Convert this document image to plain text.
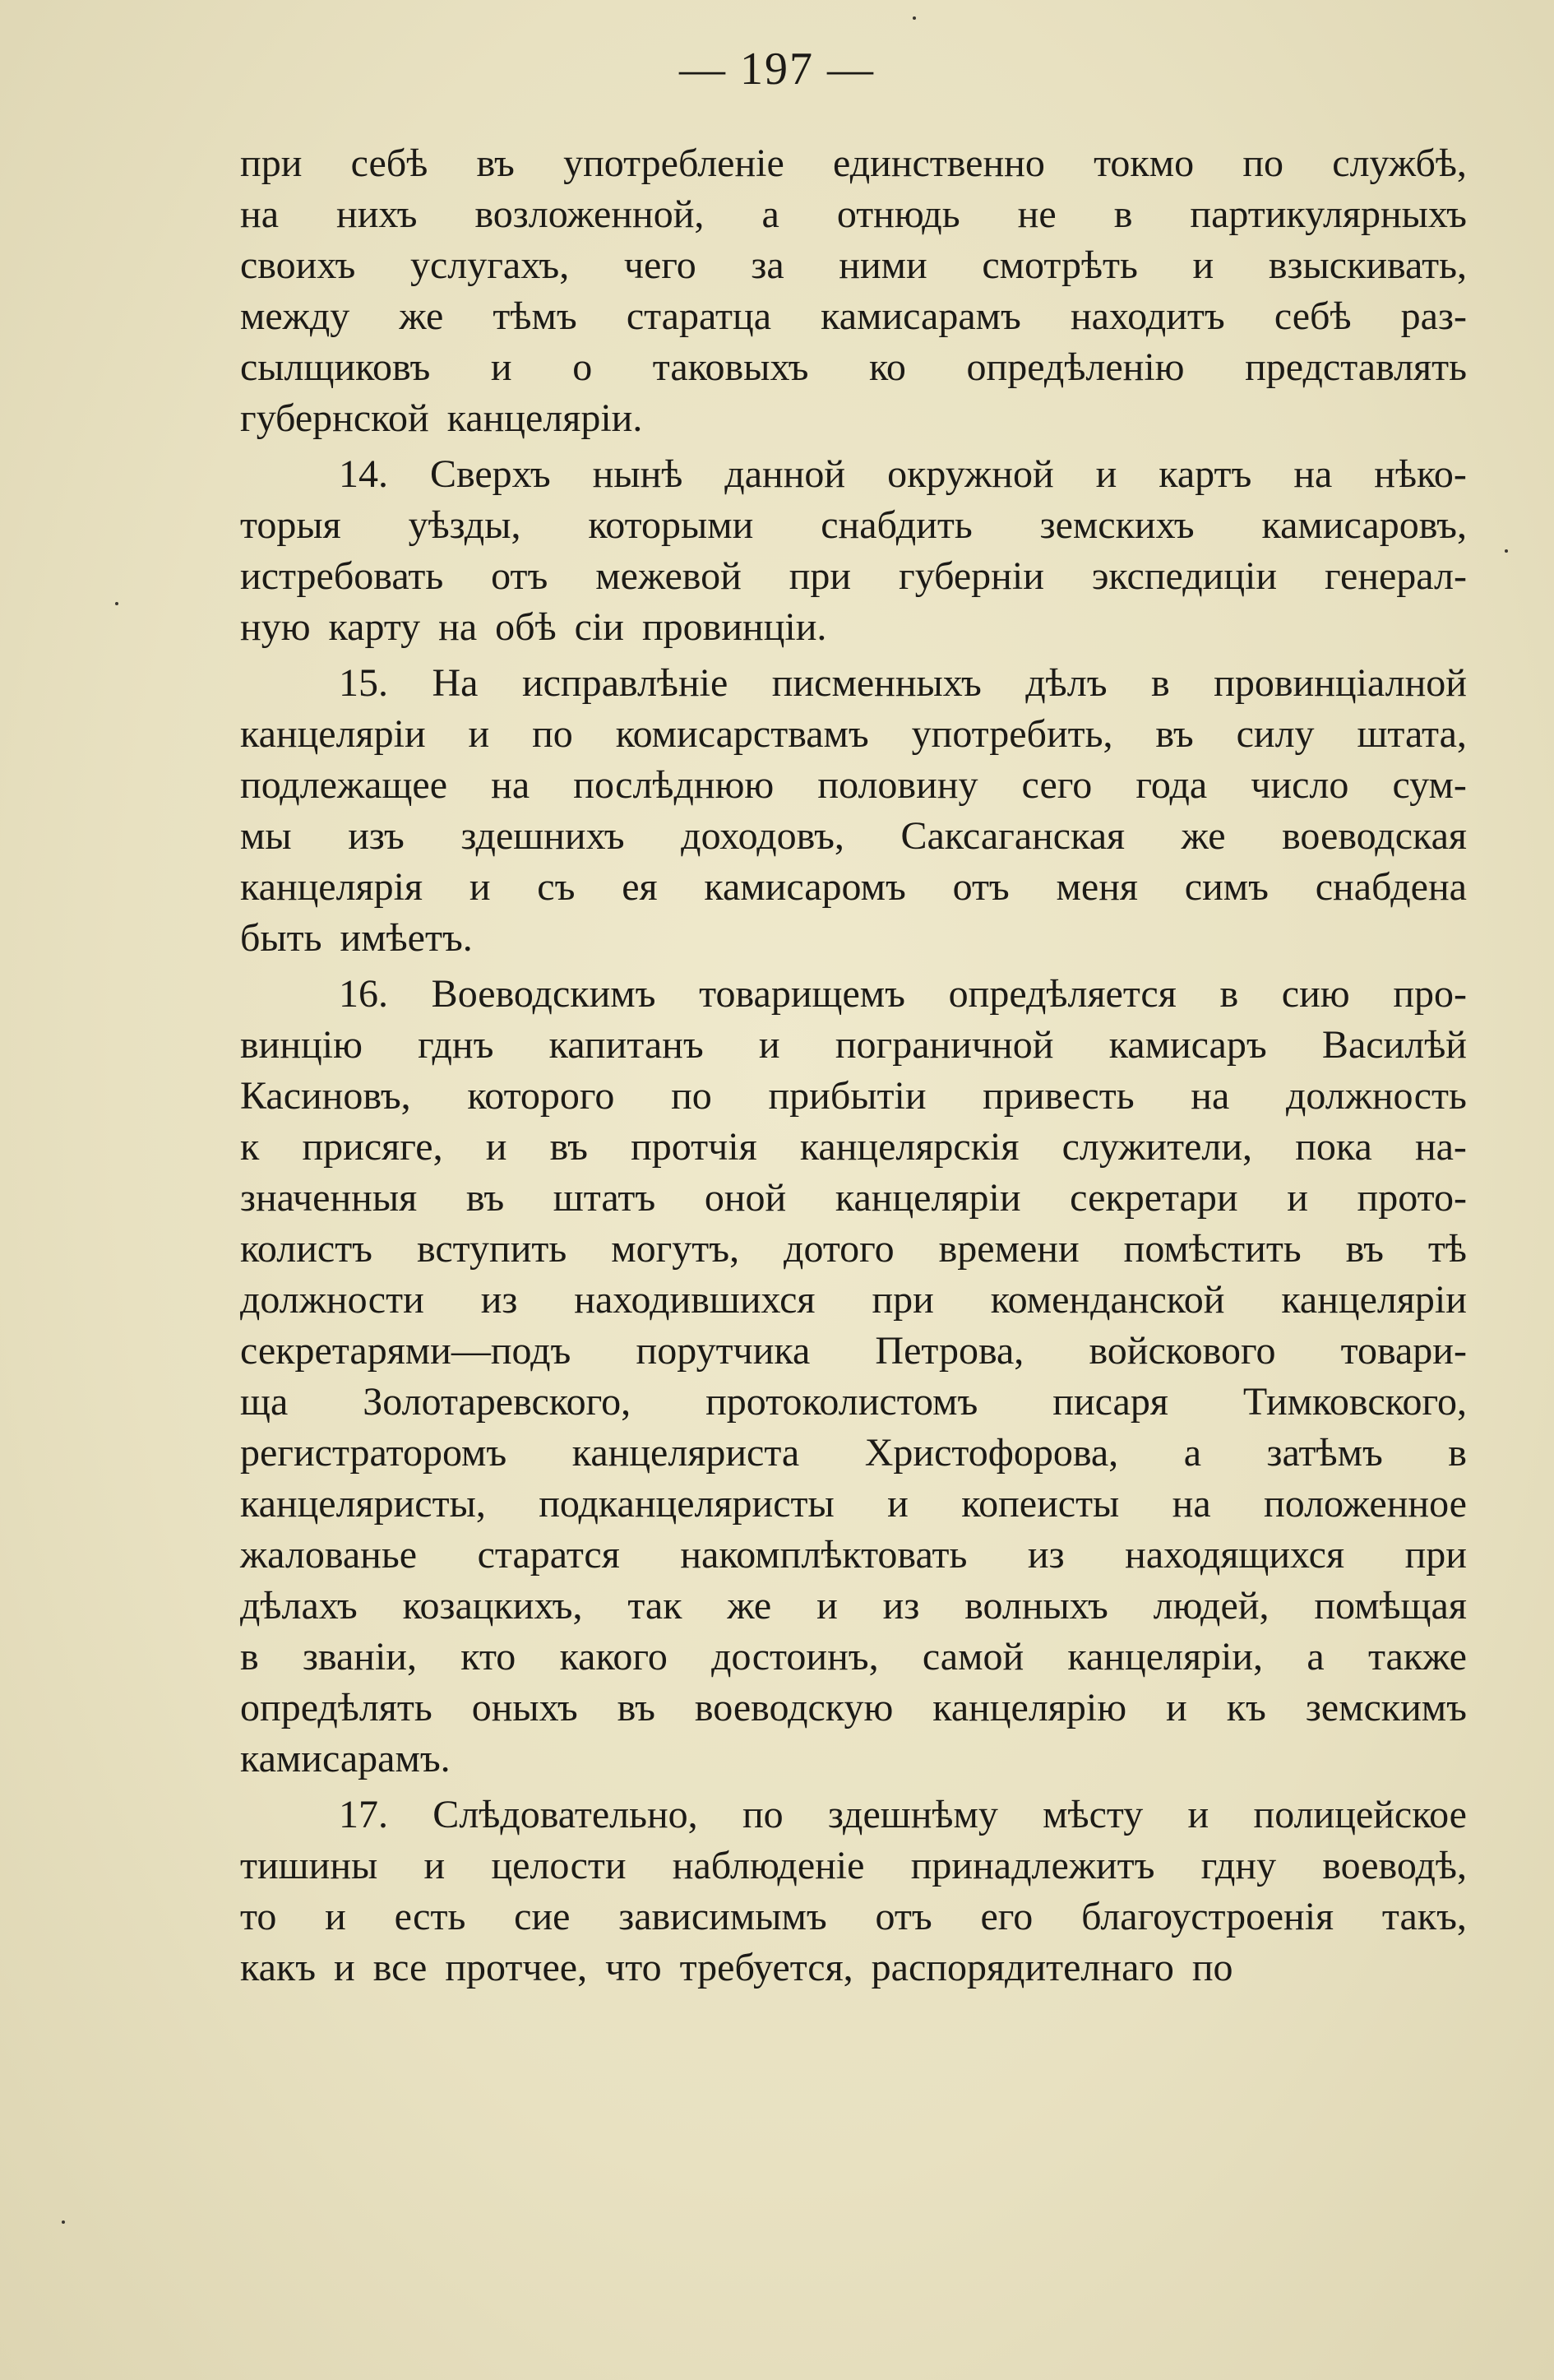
— 197 —
при себѣ въ употребленіе единственно токмо по службѣ,
на нихъ возложенной, а отнюдь не в партикулярныхъ
своихъ услугахъ, чего за ними смотрѣть и взыскивать,
между же тѣмъ старатца камисарамъ находитъ себѣ раз-
сылщиковъ и о таковыхъ ко опредѣленію представлять
губернской канцеляріи.
14. Сверхъ нынѣ данной окружной и картъ на нѣко-
торыя уѣзды, которыми снабдить земскихъ камисаровъ,
истребовать отъ межевой при губерніи экспедиціи генерал-
ную карту на обѣ сіи провинціи.
15. На исправлѣніе писменныхъ дѣлъ в провинціалной
канцеляріи и по комисарствамъ употребить, въ силу штата,
подлежащее на послѣднюю половину сего года число сум-
мы изъ здешнихъ доходовъ, Саксаганская же воеводская
канцелярія и съ ея камисаромъ отъ меня симъ снабдена
быть имѣетъ.
16. Воеводскимъ товарищемъ опредѣляется в сию про-
винцію гднъ капитанъ и пограничной камисаръ Василѣй
Касиновъ, которого по прибытіи привесть на должность
к присяге, и въ протчія канцелярскія служители, пока на-
значенныя въ штатъ оной канцеляріи секретари и прото-
колистъ вступить могутъ, дотого времени помѣстить въ тѣ
должности из находившихся при коменданской канцеляріи
секретарями—подъ порутчика Петрова, войскового товари-
ща Золотаревского, протоколистомъ писаря Тимковского,
регистраторомъ канцеляриста Христофорова, а затѣмъ в
канцеляристы, подканцеляристы и копеисты на положенное
жалованье старатся накомплѣктовать из находящихся при
дѣлахъ козацкихъ, так же и из волныхъ людей, помѣщая
в званіи, кто какого достоинъ, самой канцеляріи, а также
опредѣлять оныхъ въ воеводскую канцелярію и къ земскимъ
камисарамъ.
17. Слѣдовательно, по здешнѣму мѣсту и полицейское
тишины и целости наблюденіе принадлежитъ гдну воеводѣ,
то и есть сие зависимымъ отъ его благоустроенія такъ,
какъ и все протчее, что требуется, распорядителнаго по
